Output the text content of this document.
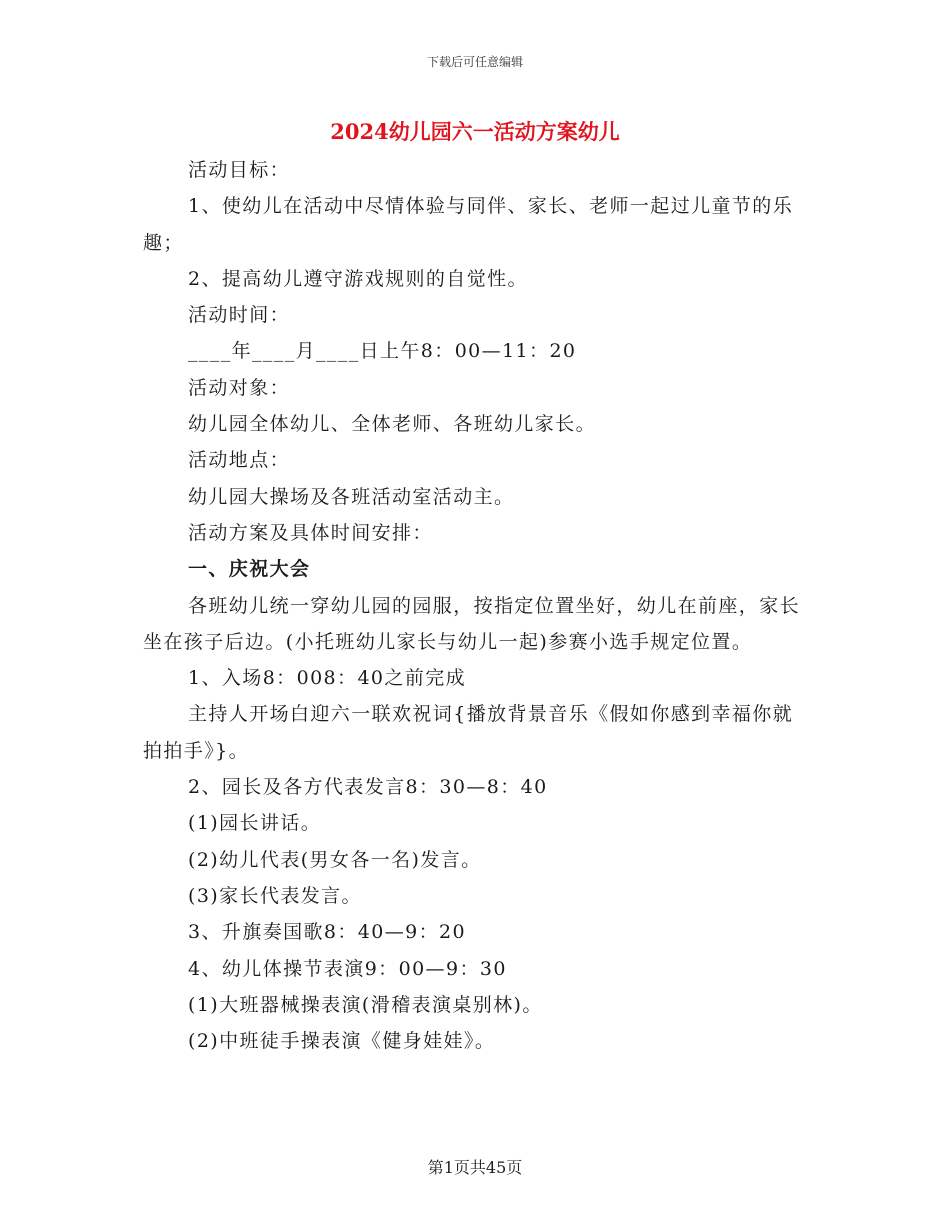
下载后可任意编辑
2024幼儿园六一活动方案幼儿

活动目标：

1、使幼儿在活动中尽情体验与同伴、家长、老师一起过儿童节的乐趣；

2、提高幼儿遵守游戏规则的自觉性。

活动时间：

____年____月____日上午8：00—11：20

活动对象：

幼儿园全体幼儿、全体老师、各班幼儿家长。

活动地点：

幼儿园大操场及各班活动室活动主。

活动方案及具体时间安排：

一、庆祝大会

各班幼儿统一穿幼儿园的园服，按指定位置坐好，幼儿在前座，家长坐在孩子后边。(小托班幼儿家长与幼儿一起)参赛小选手规定位置。

1、入场8：008：40之前完成

主持人开场白迎六一联欢祝词{播放背景音乐《假如你感到幸福你就拍拍手》}。

2、园长及各方代表发言8：30—8：40

(1)园长讲话。

(2)幼儿代表(男女各一名)发言。

(3)家长代表发言。

3、升旗奏国歌8：40—9：20

4、幼儿体操节表演9：00—9：30

(1)大班器械操表演(滑稽表演桌别林)。

(2)中班徒手操表演《健身娃娃》。

第1页共45页
